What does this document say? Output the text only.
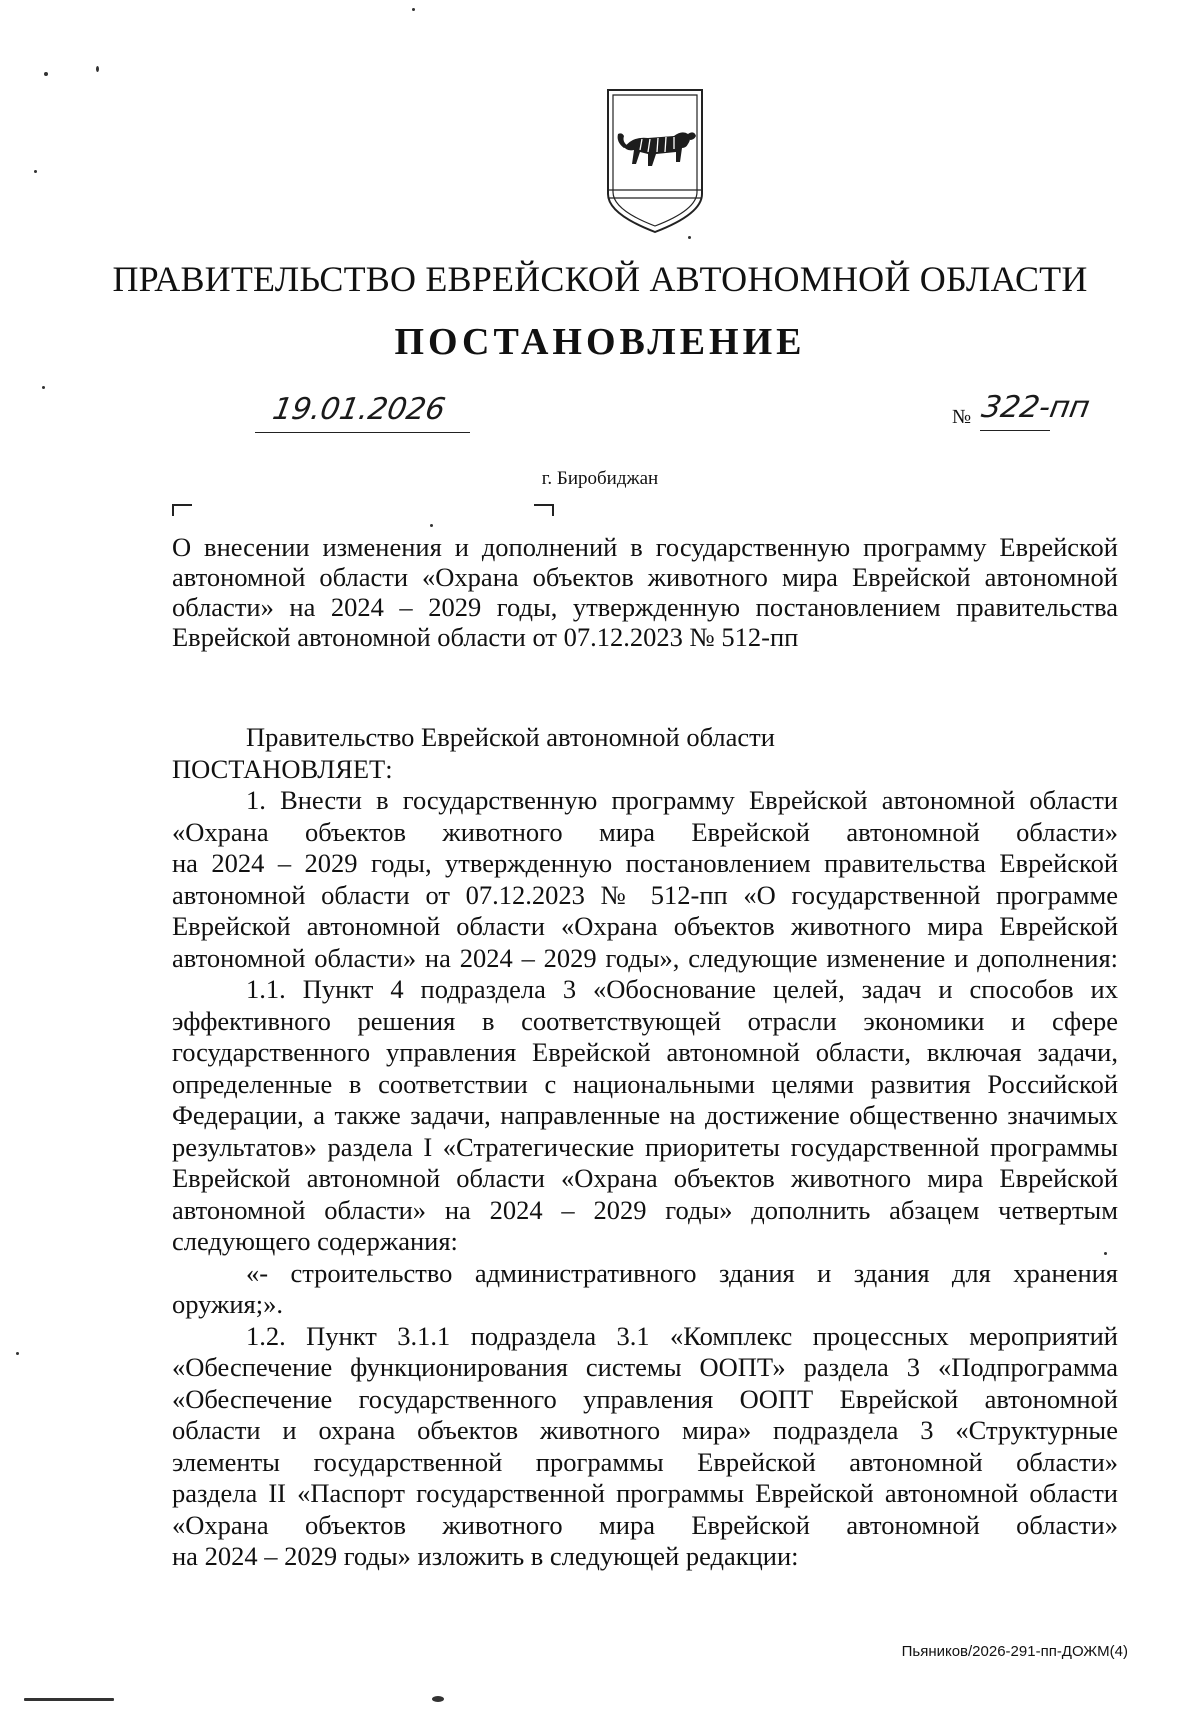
ПРАВИТЕЛЬСТВО ЕВРЕЙСКОЙ АВТОНОМНОЙ ОБЛАСТИ
ПОСТАНОВЛЕНИЕ
19.01.2026	№ 322-пп
г. Биробиджан
О внесении изменения и дополнений в государственную программу Еврейской
автономной области «Охрана объектов животного мира Еврейской автономной
области» на 2024 – 2029 годы, утвержденную постановлением правительства
Еврейской автономной области от 07.12.2023 № 512-пп
Правительство Еврейской автономной области
ПОСТАНОВЛЯЕТ:
1. Внести в государственную программу Еврейской автономной области
«Охрана объектов животного мира Еврейской автономной области»
на 2024 – 2029 годы, утвержденную постановлением правительства Еврейской
автономной области от 07.12.2023 № 512-пп «О государственной программе
Еврейской автономной области «Охрана объектов животного мира Еврейской
автономной области» на 2024 – 2029 годы», следующие изменение и дополнения:
1.1. Пункт 4 подраздела 3 «Обоснование целей, задач и способов их
эффективного решения в соответствующей отрасли экономики и сфере
государственного управления Еврейской автономной области, включая задачи,
определенные в соответствии с национальными целями развития Российской
Федерации, а также задачи, направленные на достижение общественно значимых
результатов» раздела I «Стратегические приоритеты государственной программы
Еврейской автономной области «Охрана объектов животного мира Еврейской
автономной области» на 2024 – 2029 годы» дополнить абзацем четвертым
следующего содержания:
«- строительство административного здания и здания для хранения
оружия;».
1.2. Пункт 3.1.1 подраздела 3.1 «Комплекс процессных мероприятий
«Обеспечение функционирования системы ООПТ» раздела 3 «Подпрограмма
«Обеспечение государственного управления ООПТ Еврейской автономной
области и охрана объектов животного мира» подраздела 3 «Структурные
элементы государственной программы Еврейской автономной области»
раздела II «Паспорт государственной программы Еврейской автономной области
«Охрана объектов животного мира Еврейской автономной области»
на 2024 – 2029 годы» изложить в следующей редакции:
Пьяников/2026-291-пп-ДОЖМ(4)
